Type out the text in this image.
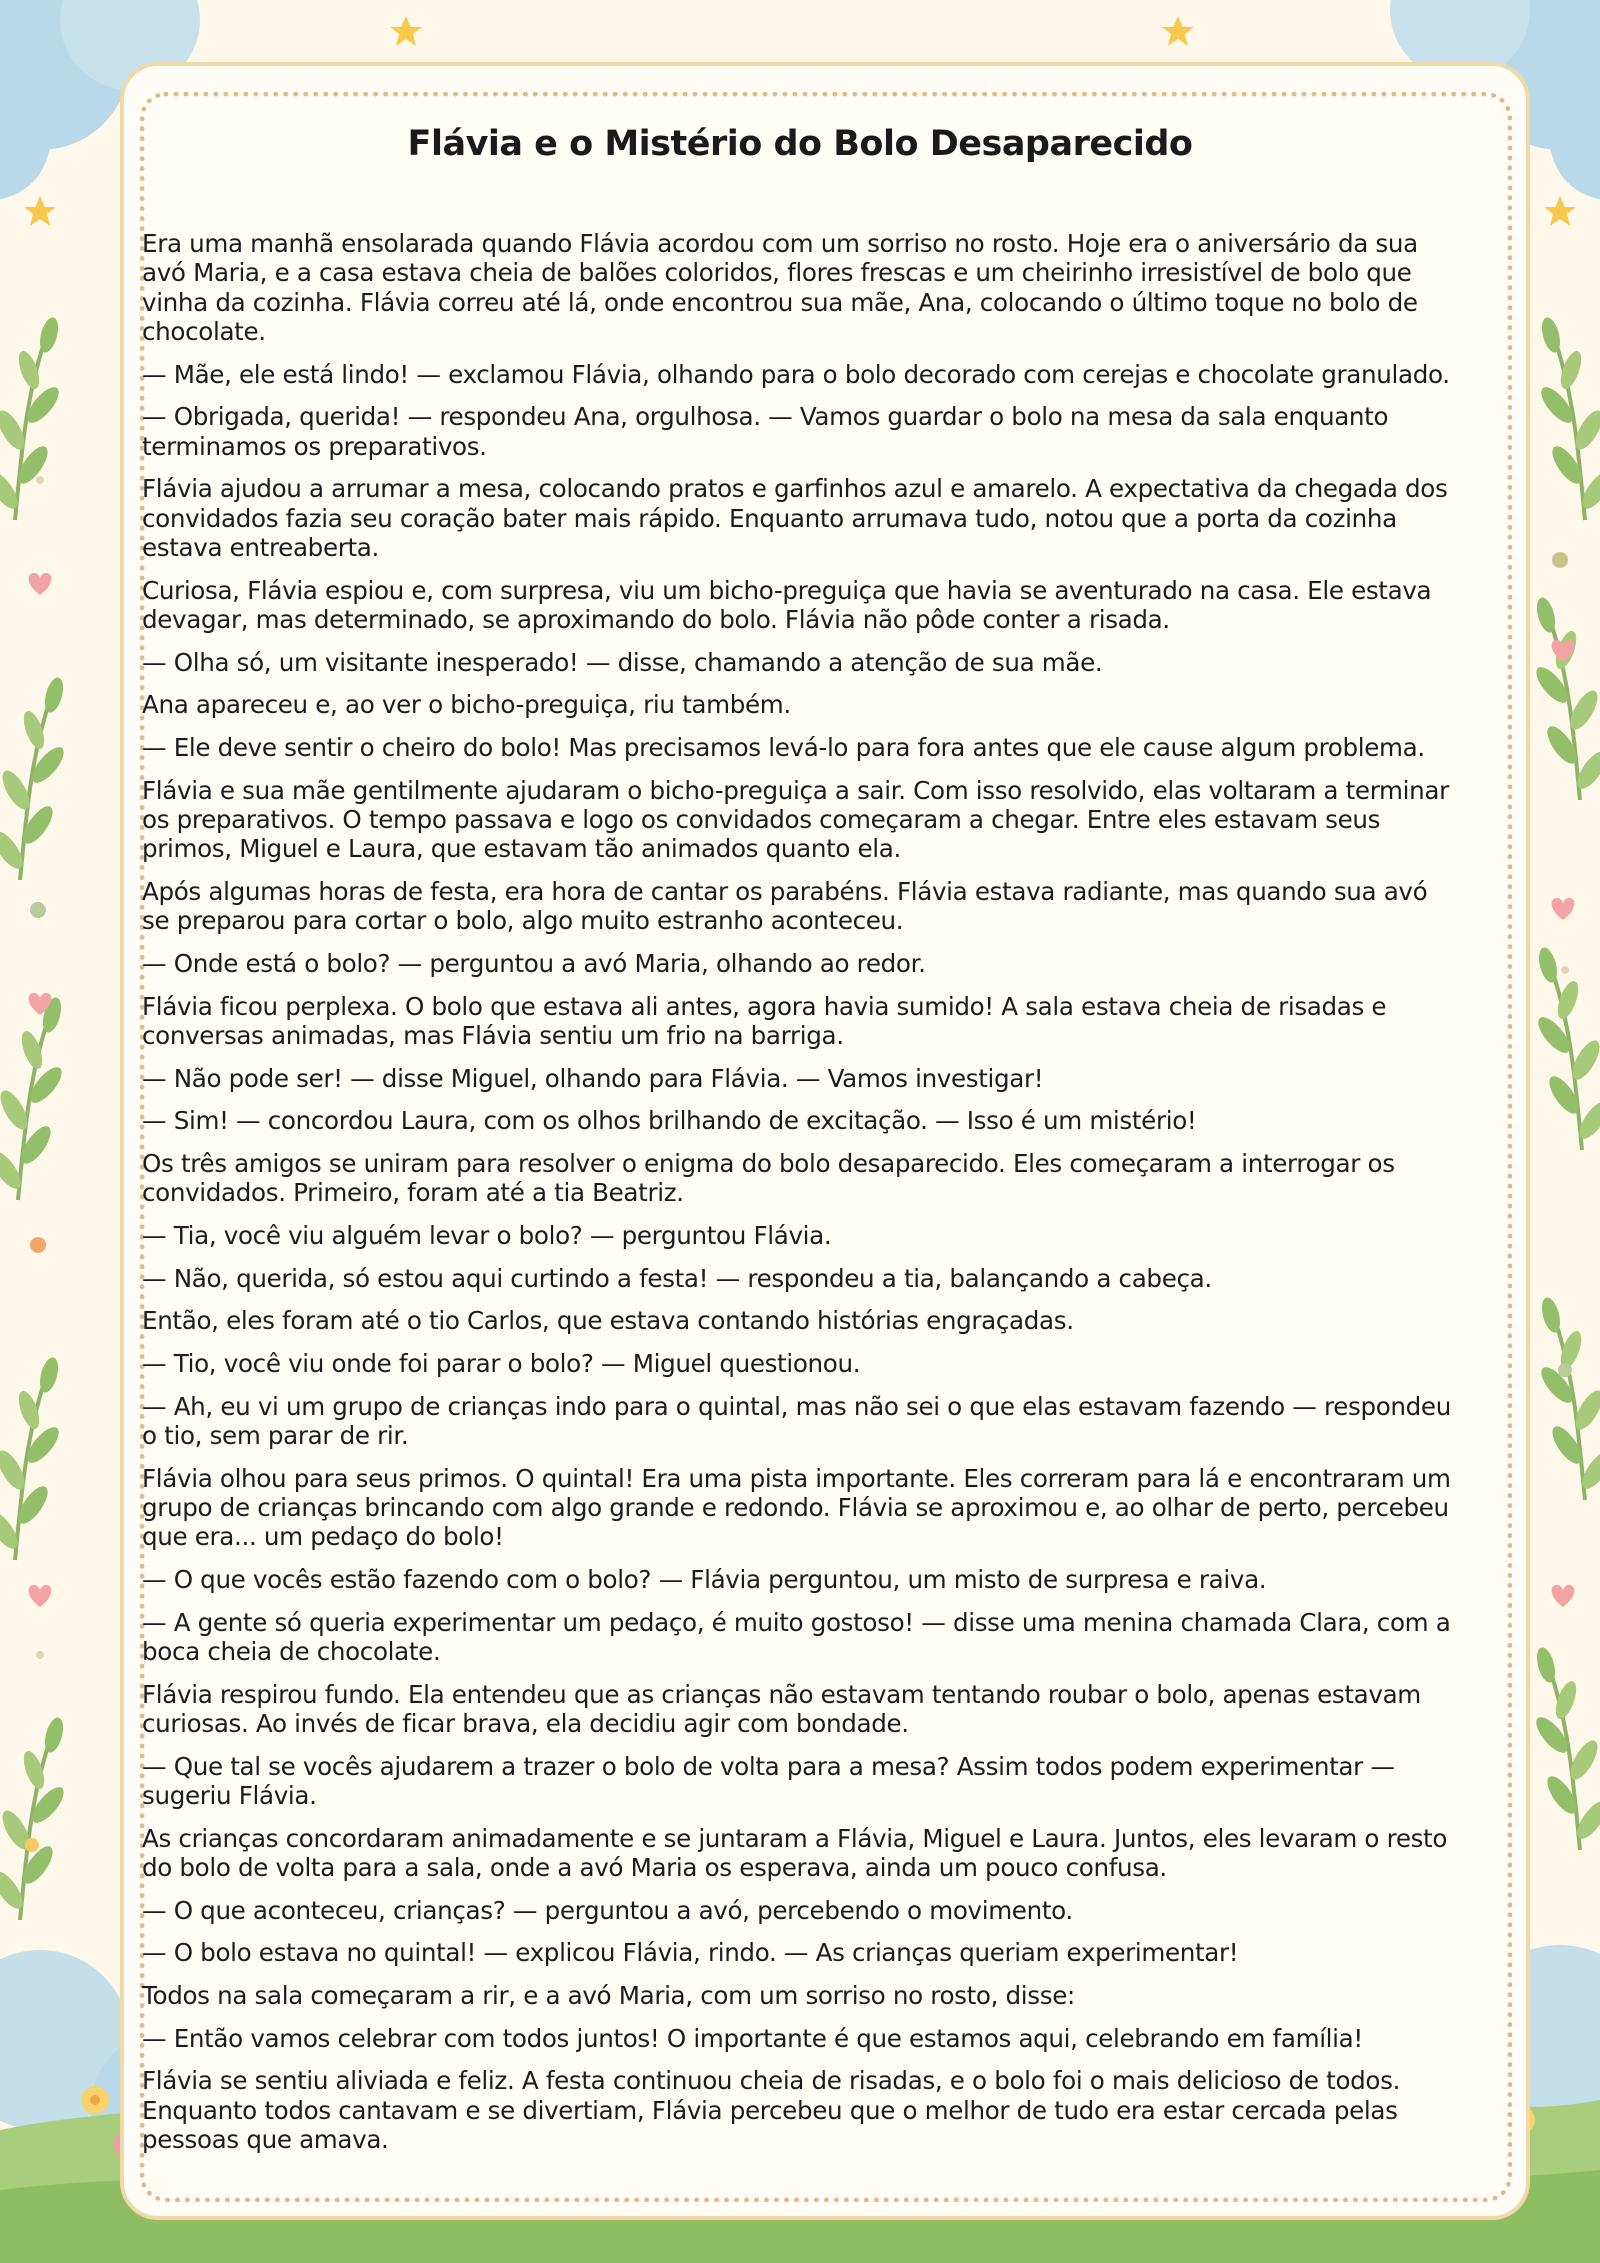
Flávia e o Mistério do Bolo Desaparecido

Era uma manhã ensolarada quando Flávia acordou com um sorriso no rosto. Hoje era o aniversário da sua avó Maria, e a casa estava cheia de balões coloridos, flores frescas e um cheirinho irresistível de bolo que vinha da cozinha. Flávia correu até lá, onde encontrou sua mãe, Ana, colocando o último toque no bolo de chocolate.

— Mãe, ele está lindo! — exclamou Flávia, olhando para o bolo decorado com cerejas e chocolate granulado.

— Obrigada, querida! — respondeu Ana, orgulhosa. — Vamos guardar o bolo na mesa da sala enquanto terminamos os preparativos.

Flávia ajudou a arrumar a mesa, colocando pratos e garfinhos azul e amarelo. A expectativa da chegada dos convidados fazia seu coração bater mais rápido. Enquanto arrumava tudo, notou que a porta da cozinha estava entreaberta.

Curiosa, Flávia espiou e, com surpresa, viu um bicho-preguiça que havia se aventurado na casa. Ele estava devagar, mas determinado, se aproximando do bolo. Flávia não pôde conter a risada.

— Olha só, um visitante inesperado! — disse, chamando a atenção de sua mãe.

Ana apareceu e, ao ver o bicho-preguiça, riu também.

— Ele deve sentir o cheiro do bolo! Mas precisamos levá-lo para fora antes que ele cause algum problema.

Flávia e sua mãe gentilmente ajudaram o bicho-preguiça a sair. Com isso resolvido, elas voltaram a terminar os preparativos. O tempo passava e logo os convidados começaram a chegar. Entre eles estavam seus primos, Miguel e Laura, que estavam tão animados quanto ela.

Após algumas horas de festa, era hora de cantar os parabéns. Flávia estava radiante, mas quando sua avó se preparou para cortar o bolo, algo muito estranho aconteceu.

— Onde está o bolo? — perguntou a avó Maria, olhando ao redor.

Flávia ficou perplexa. O bolo que estava ali antes, agora havia sumido! A sala estava cheia de risadas e conversas animadas, mas Flávia sentiu um frio na barriga.

— Não pode ser! — disse Miguel, olhando para Flávia. — Vamos investigar!

— Sim! — concordou Laura, com os olhos brilhando de excitação. — Isso é um mistério!

Os três amigos se uniram para resolver o enigma do bolo desaparecido. Eles começaram a interrogar os convidados. Primeiro, foram até a tia Beatriz.

— Tia, você viu alguém levar o bolo? — perguntou Flávia.

— Não, querida, só estou aqui curtindo a festa! — respondeu a tia, balançando a cabeça.

Então, eles foram até o tio Carlos, que estava contando histórias engraçadas.

— Tio, você viu onde foi parar o bolo? — Miguel questionou.

— Ah, eu vi um grupo de crianças indo para o quintal, mas não sei o que elas estavam fazendo — respondeu o tio, sem parar de rir.

Flávia olhou para seus primos. O quintal! Era uma pista importante. Eles correram para lá e encontraram um grupo de crianças brincando com algo grande e redondo. Flávia se aproximou e, ao olhar de perto, percebeu que era... um pedaço do bolo!

— O que vocês estão fazendo com o bolo? — Flávia perguntou, um misto de surpresa e raiva.

— A gente só queria experimentar um pedaço, é muito gostoso! — disse uma menina chamada Clara, com a boca cheia de chocolate.

Flávia respirou fundo. Ela entendeu que as crianças não estavam tentando roubar o bolo, apenas estavam curiosas. Ao invés de ficar brava, ela decidiu agir com bondade.

— Que tal se vocês ajudarem a trazer o bolo de volta para a mesa? Assim todos podem experimentar — sugeriu Flávia.

As crianças concordaram animadamente e se juntaram a Flávia, Miguel e Laura. Juntos, eles levaram o resto do bolo de volta para a sala, onde a avó Maria os esperava, ainda um pouco confusa.

— O que aconteceu, crianças? — perguntou a avó, percebendo o movimento.

— O bolo estava no quintal! — explicou Flávia, rindo. — As crianças queriam experimentar!

Todos na sala começaram a rir, e a avó Maria, com um sorriso no rosto, disse:

— Então vamos celebrar com todos juntos! O importante é que estamos aqui, celebrando em família!

Flávia se sentiu aliviada e feliz. A festa continuou cheia de risadas, e o bolo foi o mais delicioso de todos. Enquanto todos cantavam e se divertiam, Flávia percebeu que o melhor de tudo era estar cercada pelas pessoas que amava.
